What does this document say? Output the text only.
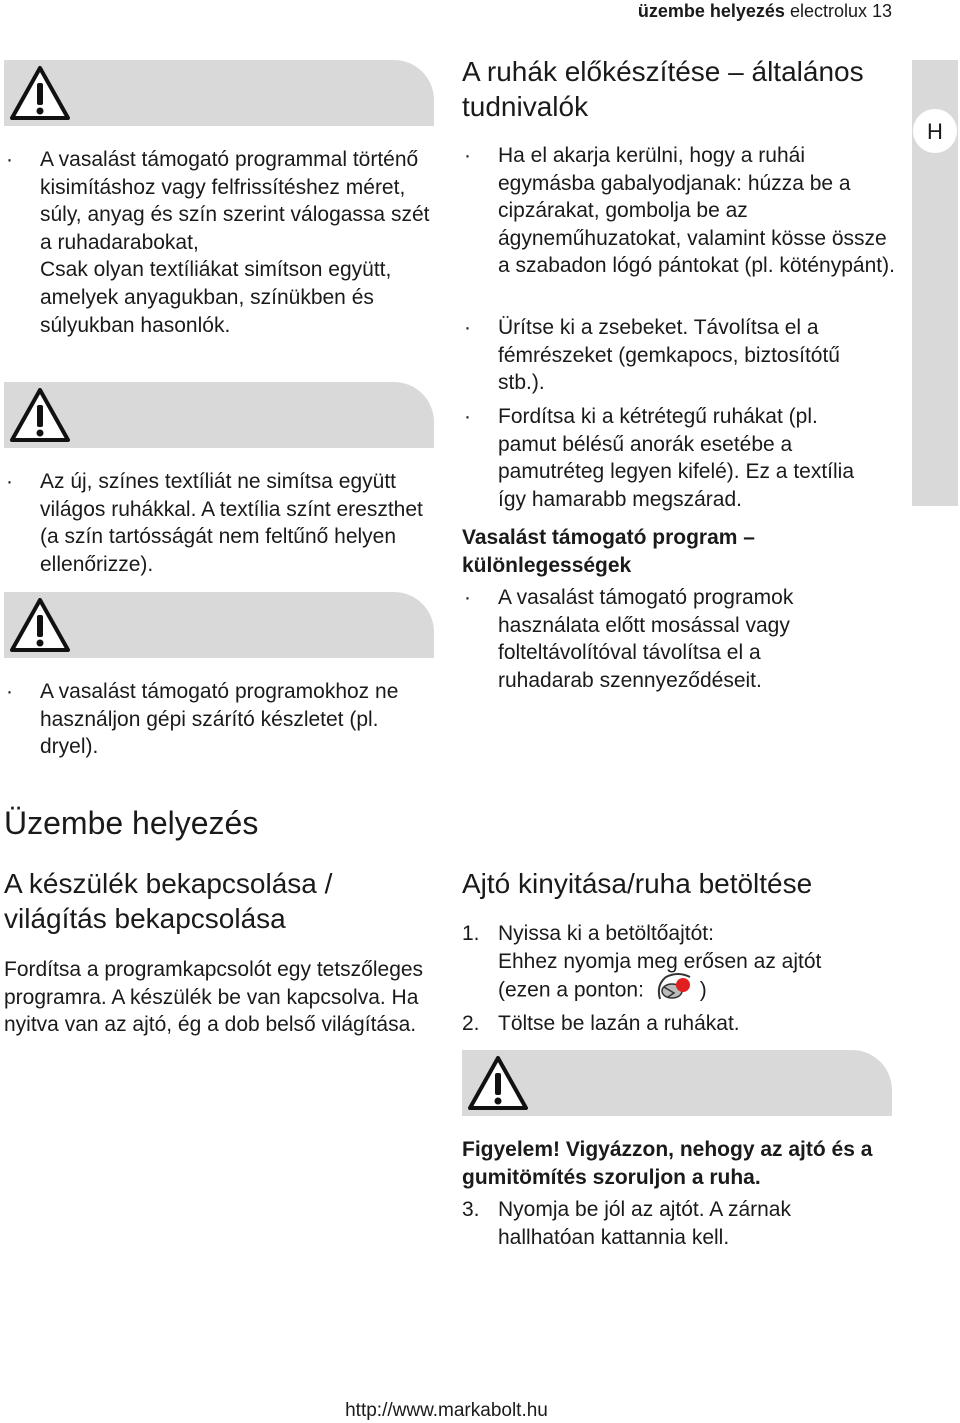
üzembe helyezés electrolux 13
H
· A vasalást támogató programmal történő kisimításhoz vagy felfrissítéshez méret, súly, anyag és szín szerint válogassa szét a ruhadarabokat,
Csak olyan textíliákat simítson együtt, amelyek anyagukban, színükben és súlyukban hasonlók.
· Az új, színes textíliát ne simítsa együtt világos ruhákkal. A textília színt ereszthet (a szín tartósságát nem feltűnő helyen ellenőrizze).
· A vasalást támogató programokhoz ne használjon gépi szárító készletet (pl. dryel).
A ruhák előkészítése – általános tudnivalók
· Ha el akarja kerülni, hogy a ruhái egymásba gabalyodjanak: húzza be a cipzárakat, gombolja be az ágyneműhuzatokat, valamint kösse össze a szabadon lógó pántokat (pl. köténypánt).
· Ürítse ki a zsebeket. Távolítsa el a fémrészeket (gemkapocs, biztosítótű stb.).
· Fordítsa ki a kétrétegű ruhákat (pl. pamut bélésű anorák esetébe a pamutréteg legyen kifelé). Ez a textília így hamarabb megszárad.
Vasalást támogató program – különlegességek
· A vasalást támogató programok használata előtt mosással vagy folteltávolítóval távolítsa el a ruhadarab szennyeződéseit.
Üzembe helyezés
A készülék bekapcsolása / világítás bekapcsolása
Fordítsa a programkapcsolót egy tetszőleges programra. A készülék be van kapcsolva. Ha nyitva van az ajtó, ég a dob belső világítása.
Ajtó kinyitása/ruha betöltése
1. Nyissa ki a betöltőajtót:
Ehhez nyomja meg erősen az ajtót
(ezen a ponton:	)
2. Töltse be lazán a ruhákat.
Figyelem! Vigyázzon, nehogy az ajtó és a gumitömítés szoruljon a ruha.
3. Nyomja be jól az ajtót. A zárnak hallhatóan kattannia kell.
http://www.markabolt.hu
